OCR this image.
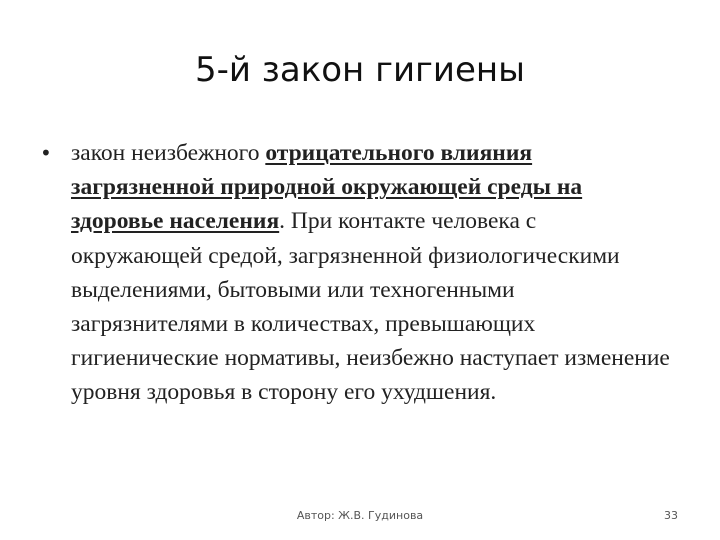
5-й закон гигиены
• закон неизбежного отрицательного влияния загрязненной природной окружающей среды на здоровье населения. При контакте человека с окружающей средой, загрязненной физиологическими выделениями, бытовыми или техногенными загрязнителями в количествах, превышающих гигиенические нормативы, неизбежно наступает изменение уровня здоровья в сторону его ухудшения.
Автор: Ж.В. Гудинова	33
